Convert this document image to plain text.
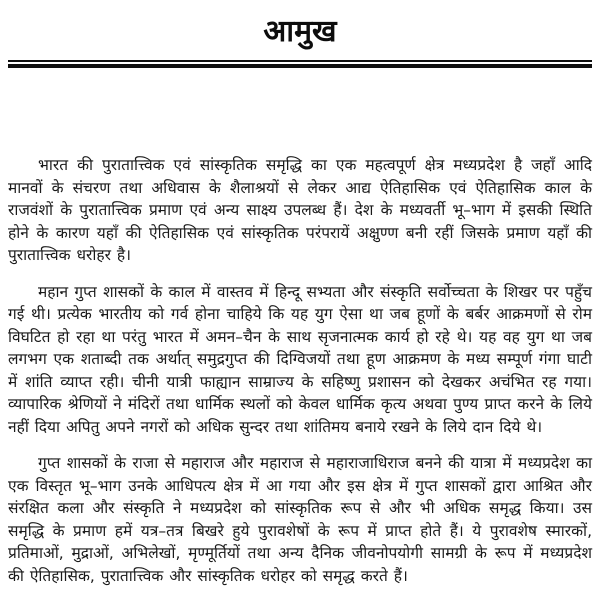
आमुख

भारत की पुरातात्त्विक एवं सांस्कृतिक समृद्धि का एक महत्वपूर्ण क्षेत्र मध्यप्रदेश है जहाँ आदि मानवों के संचरण तथा अधिवास के शैलाश्रयों से लेकर आद्य ऐतिहासिक एवं ऐतिहासिक काल के राजवंशों के पुरातात्त्विक प्रमाण एवं अन्य साक्ष्य उपलब्ध हैं। देश के मध्यवर्ती भू–भाग में इसकी स्थिति होने के कारण यहाँ की ऐतिहासिक एवं सांस्कृतिक परंपरायें अक्षुण्ण बनी रहीं जिसके प्रमाण यहाँ की पुरातात्त्विक धरोहर है।

महान गुप्त शासकों के काल में वास्तव में हिन्दू सभ्यता और संस्कृति सर्वोच्चता के शिखर पर पहुँच गई थी। प्रत्येक भारतीय को गर्व होना चाहिये कि यह युग ऐसा था जब हूणों के बर्बर आक्रमणों से रोम विघटित हो रहा था परंतु भारत में अमन–चैन के साथ सृजनात्मक कार्य हो रहे थे। यह वह युग था जब लगभग एक शताब्दी तक अर्थात् समुद्रगुप्त की दिग्विजयों तथा हूण आक्रमण के मध्य सम्पूर्ण गंगा घाटी में शांति व्याप्त रही। चीनी यात्री फाह्यान साम्राज्य के सहिष्णु प्रशासन को देखकर अचंभित रह गया। व्यापारिक श्रेणियों ने मंदिरों तथा धार्मिक स्थलों को केवल धार्मिक कृत्य अथवा पुण्य प्राप्त करने के लिये नहीं दिया अपितु अपने नगरों को अधिक सुन्दर तथा शांतिमय बनाये रखने के लिये दान दिये थे।

गुप्त शासकों के राजा से महाराज और महाराज से महाराजाधिराज बनने की यात्रा में मध्यप्रदेश का एक विस्तृत भू–भाग उनके आधिपत्य क्षेत्र में आ गया और इस क्षेत्र में गुप्त शासकों द्वारा आश्रित और संरक्षित कला और संस्कृति ने मध्यप्रदेश को सांस्कृतिक रूप से और भी अधिक समृद्ध किया। उस समृद्धि के प्रमाण हमें यत्र–तत्र बिखरे हुये पुरावशेषों के रूप में प्राप्त होते हैं। ये पुरावशेष स्मारकों, प्रतिमाओं, मुद्राओं, अभिलेखों, मृण्मूर्तियों तथा अन्य दैनिक जीवनोपयोगी सामग्री के रूप में मध्यप्रदेश की ऐतिहासिक, पुरातात्त्विक और सांस्कृतिक धरोहर को समृद्ध करते हैं।
